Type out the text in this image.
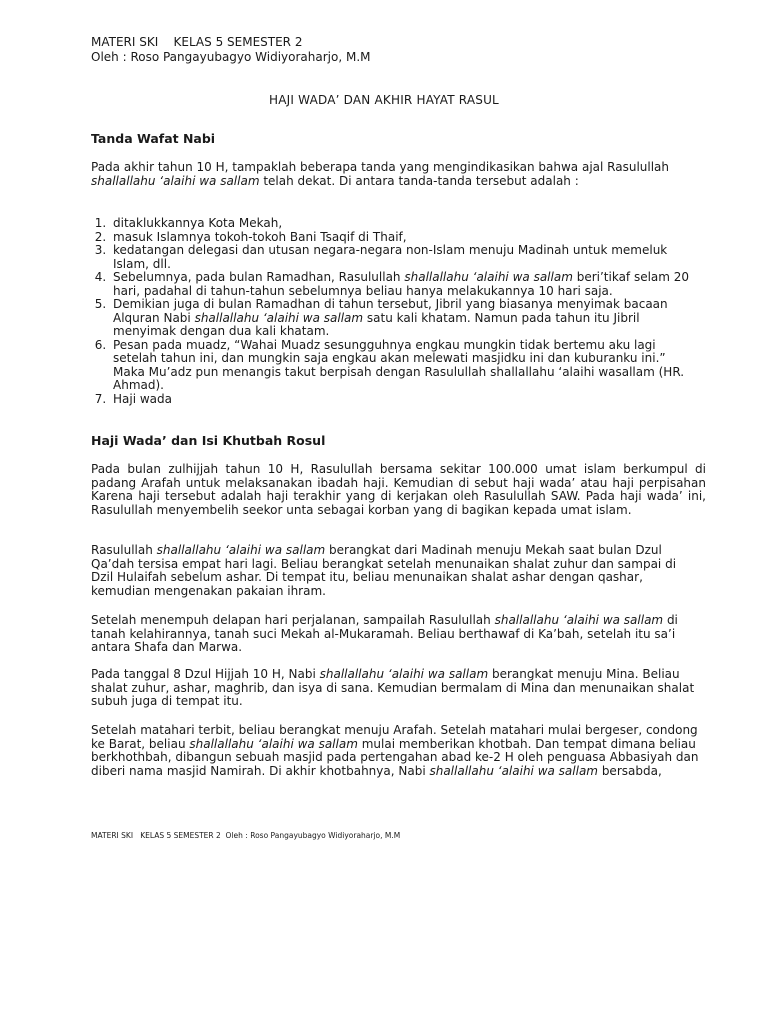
MATERI SKI    KELAS 5 SEMESTER 2
Oleh : Roso Pangayubagyo Widiyoraharjo, M.M
HAJI WADA’ DAN AKHIR HAYAT RASUL
Tanda Wafat Nabi

Pada akhir tahun 10 H, tampaklah beberapa tanda yang mengindikasikan bahwa ajal Rasulullah shallallahu ‘alaihi wa sallam telah dekat. Di antara tanda-tanda tersebut adalah :

1. ditaklukkannya Kota Mekah,
2. masuk Islamnya tokoh-tokoh Bani Tsaqif di Thaif,
3. kedatangan delegasi dan utusan negara-negara non-Islam menuju Madinah untuk memeluk Islam, dll.
4. Sebelumnya, pada bulan Ramadhan, Rasulullah shallallahu ‘alaihi wa sallam beri’tikaf selam 20 hari, padahal di tahun-tahun sebelumnya beliau hanya melakukannya 10 hari saja.
5. Demikian juga di bulan Ramadhan di tahun tersebut, Jibril yang biasanya menyimak bacaan Alquran Nabi shallallahu ‘alaihi wa sallam satu kali khatam. Namun pada tahun itu Jibril menyimak dengan dua kali khatam.
6. Pesan pada muadz, “Wahai Muadz sesungguhnya engkau mungkin tidak bertemu aku lagi setelah tahun ini, dan mungkin saja engkau akan melewati masjidku ini dan kuburanku ini.” Maka Mu’adz pun menangis takut berpisah dengan Rasulullah shallallahu ‘alaihi wasallam (HR. Ahmad).
7. Haji wada
Haji Wada’ dan Isi Khutbah Rosul

Pada bulan zulhijjah tahun 10 H, Rasulullah bersama sekitar 100.000 umat islam berkumpul di padang Arafah untuk melaksanakan ibadah haji. Kemudian di sebut haji wada’ atau haji perpisahan Karena haji tersebut adalah haji terakhir yang di kerjakan oleh Rasulullah SAW. Pada haji wada’ ini, Rasulullah menyembelih seekor unta sebagai korban yang di bagikan kepada umat islam.

Rasulullah shallallahu ‘alaihi wa sallam berangkat dari Madinah menuju Mekah saat bulan Dzul Qa’dah tersisa empat hari lagi. Beliau berangkat setelah menunaikan shalat zuhur dan sampai di Dzil Hulaifah sebelum ashar. Di tempat itu, beliau menunaikan shalat ashar dengan qashar, kemudian mengenakan pakaian ihram.

Setelah menempuh delapan hari perjalanan, sampailah Rasulullah shallallahu ‘alaihi wa sallam di tanah kelahirannya, tanah suci Mekah al-Mukaramah. Beliau berthawaf di Ka’bah, setelah itu sa’i antara Shafa dan Marwa.

Pada tanggal 8 Dzul Hijjah 10 H, Nabi shallallahu ‘alaihi wa sallam berangkat menuju Mina. Beliau shalat zuhur, ashar, maghrib, dan isya di sana. Kemudian bermalam di Mina dan menunaikan shalat subuh juga di tempat itu.

Setelah matahari terbit, beliau berangkat menuju Arafah. Setelah matahari mulai bergeser, condong ke Barat, beliau shallallahu ‘alaihi wa sallam mulai memberikan khotbah. Dan tempat dimana beliau berkhothbah, dibangun sebuah masjid pada pertengahan abad ke-2 H oleh penguasa Abbasiyah dan diberi nama masjid Namirah. Di akhir khotbahnya, Nabi shallallahu ‘alaihi wa sallam bersabda,

MATERI SKI   KELAS 5 SEMESTER 2  Oleh : Roso Pangayubagyo Widiyoraharjo, M.M
